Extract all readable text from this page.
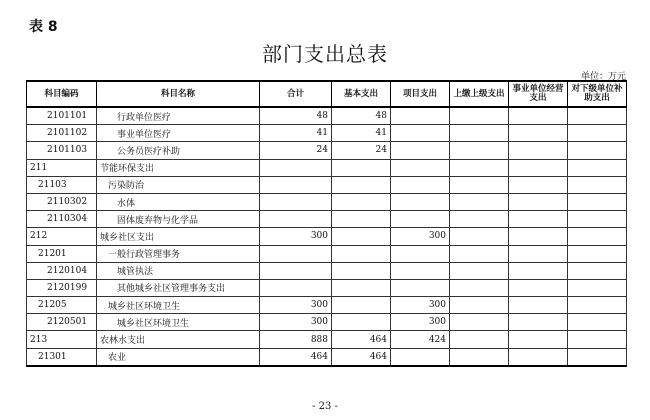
表 8
部门支出总表
单位：万元
科目编码	科目名称	合计	基本支出	项目支出	上缴上级支出	事业单位经营支出	对下级单位补助支出
2101101	行政单位医疗	48	48				
2101102	事业单位医疗	41	41				
2101103	公务员医疗补助	24	24				
211	节能环保支出						
21103	污染防治						
2110302	水体						
2110304	固体废弃物与化学品						
212	城乡社区支出	300		300			
21201	一般行政管理事务						
2120104	城管执法						
2120199	其他城乡社区管理事务支出						
21205	城乡社区环境卫生	300		300			
2120501	城乡社区环境卫生	300		300			
213	农林水支出	888	464	424			
21301	农业	464	464				
- 23 -
